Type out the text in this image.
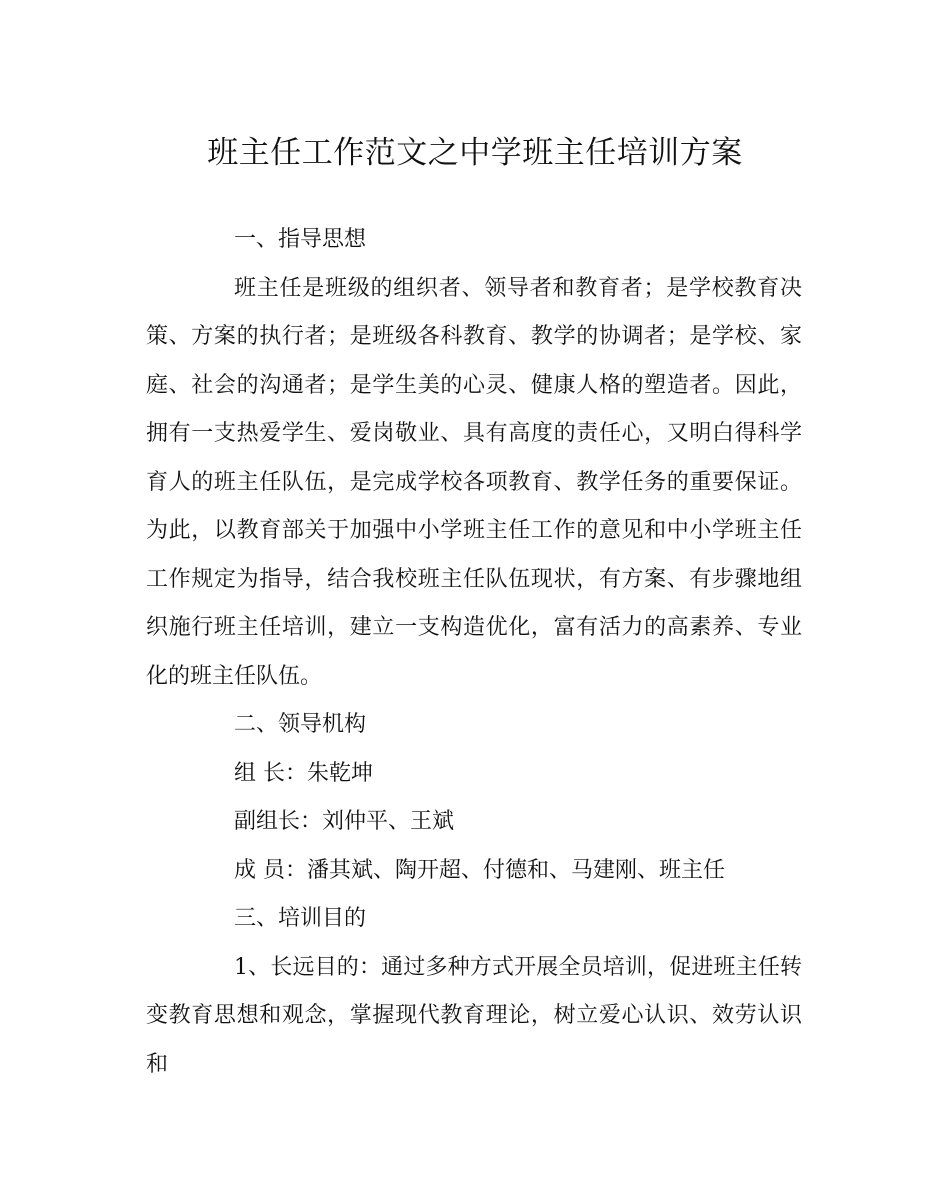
班主任工作范文之中学班主任培训方案

一、指导思想

班主任是班级的组织者、领导者和教育者；是学校教育决策、方案的执行者；是班级各科教育、教学的协调者；是学校、家庭、社会的沟通者；是学生美的心灵、健康人格的塑造者。因此，拥有一支热爱学生、爱岗敬业、具有高度的责任心，又明白得科学育人的班主任队伍，是完成学校各项教育、教学任务的重要保证。为此，以教育部关于加强中小学班主任工作的意见和中小学班主任工作规定为指导，结合我校班主任队伍现状，有方案、有步骤地组织施行班主任培训，建立一支构造优化，富有活力的高素养、专业化的班主任队伍。

二、领导机构

组 长：朱乾坤

副组长：刘仲平、王斌

成 员：潘其斌、陶开超、付德和、马建刚、班主任

三、培训目的

1、长远目的：通过多种方式开展全员培训，促进班主任转变教育思想和观念，掌握现代教育理论，树立爱心认识、效劳认识和
